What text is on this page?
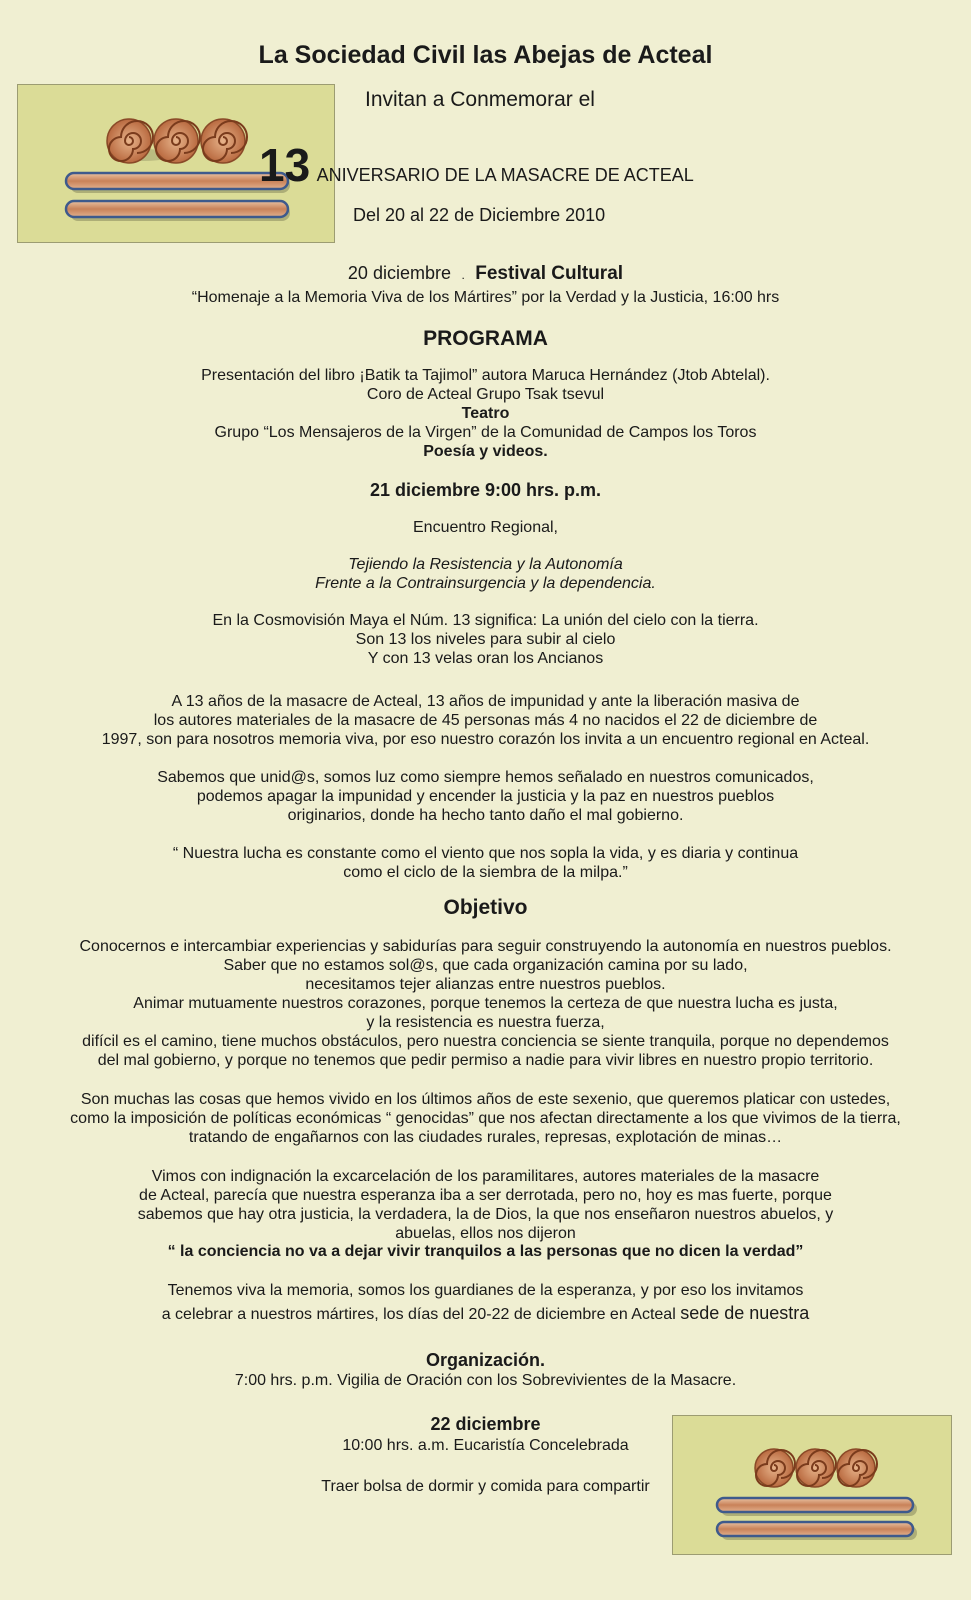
La Sociedad Civil las Abejas de Acteal
Invitan a Conmemorar el
13 ANIVERSARIO DE LA MASACRE DE ACTEAL
Del 20 al 22 de Diciembre 2010
20 diciembre . Festival Cultural
“Homenaje a la Memoria Viva de los Mártires” por la Verdad y la Justicia, 16:00 hrs
PROGRAMA
Presentación del libro ¡Batik ta Tajimol” autora Maruca Hernández (Jtob Abtelal).
Coro de Acteal Grupo Tsak tsevul
Teatro
Grupo “Los Mensajeros de la Virgen” de la Comunidad de Campos los Toros
Poesía y videos.
21 diciembre 9:00 hrs. p.m.
Encuentro Regional,
Tejiendo la Resistencia y la Autonomía
Frente a la Contrainsurgencia y la dependencia.
En la Cosmovisión Maya el Núm. 13 significa: La unión del cielo con la tierra.
Son 13 los niveles para subir al cielo
Y con 13 velas oran los Ancianos
A 13 años de la masacre de Acteal, 13 años de impunidad y ante la liberación masiva de
los autores materiales de la masacre de 45 personas más 4 no nacidos el 22 de diciembre de
1997, son para nosotros memoria viva, por eso nuestro corazón los invita a un encuentro regional en Acteal.
Sabemos que unid@s, somos luz como siempre hemos señalado en nuestros comunicados,
podemos apagar la impunidad y encender la justicia y la paz en nuestros pueblos
originarios, donde ha hecho tanto daño el mal gobierno.
“ Nuestra lucha es constante como el viento que nos sopla la vida, y es diaria y continua
como el ciclo de la siembra de la milpa.”
Objetivo
Conocernos e intercambiar experiencias y sabidurías para seguir construyendo la autonomía en nuestros pueblos.
Saber que no estamos sol@s, que cada organización camina por su lado,
necesitamos tejer alianzas entre nuestros pueblos.
Animar mutuamente nuestros corazones, porque tenemos la certeza de que nuestra lucha es justa,
y la resistencia es nuestra fuerza,
difícil es el camino, tiene muchos obstáculos, pero nuestra conciencia se siente tranquila, porque no dependemos
del mal gobierno, y porque no tenemos que pedir permiso a nadie para vivir libres en nuestro propio territorio.
Son muchas las cosas que hemos vivido en los últimos años de este sexenio, que queremos platicar con ustedes,
como la imposición de políticas económicas “ genocidas” que nos afectan directamente a los que vivimos de la tierra,
tratando de engañarnos con las ciudades rurales, represas, explotación de minas…
Vimos con indignación la excarcelación de los paramilitares, autores materiales de la masacre
de Acteal, parecía que nuestra esperanza iba a ser derrotada, pero no, hoy es mas fuerte, porque
sabemos que hay otra justicia, la verdadera, la de Dios, la que nos enseñaron nuestros abuelos, y
abuelas, ellos nos dijeron
“ la conciencia no va a dejar vivir tranquilos a las personas que no dicen la verdad”
Tenemos viva la memoria, somos los guardianes de la esperanza, y por eso los invitamos
a celebrar a nuestros mártires, los días del 20-22 de diciembre en Acteal sede de nuestra
Organización.
7:00 hrs. p.m. Vigilia de Oración con los Sobrevivientes de la Masacre.
22 diciembre
10:00 hrs. a.m. Eucaristía Concelebrada
Traer bolsa de dormir y comida para compartir
